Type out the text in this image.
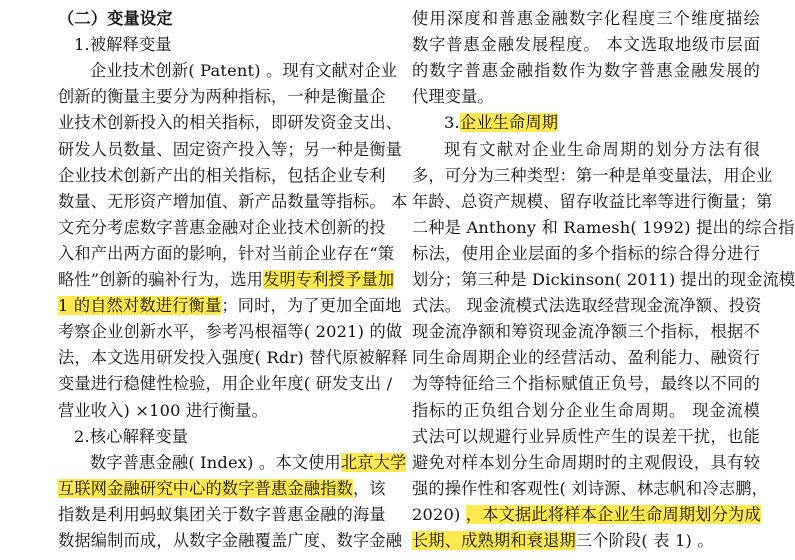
（二）变量设定
1.被解释变量
企业技术创新( Patent) 。现有文献对企业
创新的衡量主要分为两种指标，一种是衡量企
业技术创新投入的相关指标，即研发资金支出、
研发人员数量、固定资产投入等；另一种是衡量
企业技术创新产出的相关指标，包括企业专利
数量、无形资产增加值、新产品数量等指标。 本
文充分考虑数字普惠金融对企业技术创新的投
入和产出两方面的影响，针对当前企业存在“策
略性”创新的骗补行为，选用发明专利授予量加
1 的自然对数进行衡量；同时，为了更加全面地
考察企业创新水平，参考冯根福等( 2021) 的做
法，本文选用研发投入强度( Rdr) 替代原被解释
变量进行稳健性检验，用企业年度( 研发支出 /
营业收入) ×100 进行衡量。
2.核心解释变量
数字普惠金融( Index) 。本文使用北京大学
互联网金融研究中心的数字普惠金融指数，该
指数是利用蚂蚁集团关于数字普惠金融的海量
数据编制而成，从数字金融覆盖广度、数字金融
使用深度和普惠金融数字化程度三个维度描绘
数字普惠金融发展程度。 本文选取地级市层面
的数字普惠金融指数作为数字普惠金融发展的
代理变量。
3.企业生命周期
现有文献对企业生命周期的划分方法有很
多，可分为三种类型：第一种是单变量法，用企业
年龄、总资产规模、留存收益比率等进行衡量；第
二种是 Anthony 和 Ramesh( 1992) 提出的综合指
标法，使用企业层面的多个指标的综合得分进行
划分；第三种是 Dickinson( 2011) 提出的现金流模
式法。 现金流模式法选取经营现金流净额、投资
现金流净额和筹资现金流净额三个指标，根据不
同生命周期企业的经营活动、盈利能力、融资行
为等特征给三个指标赋值正负号，最终以不同的
指标的正负组合划分企业生命周期。 现金流模
式法可以规避行业异质性产生的误差干扰，也能
避免对样本划分生命周期时的主观假设，具有较
强的操作性和客观性( 刘诗源、林志帆和冷志鹏，
2020) ，本文据此将样本企业生命周期划分为成
长期、成熟期和衰退期三个阶段( 表 1) 。
